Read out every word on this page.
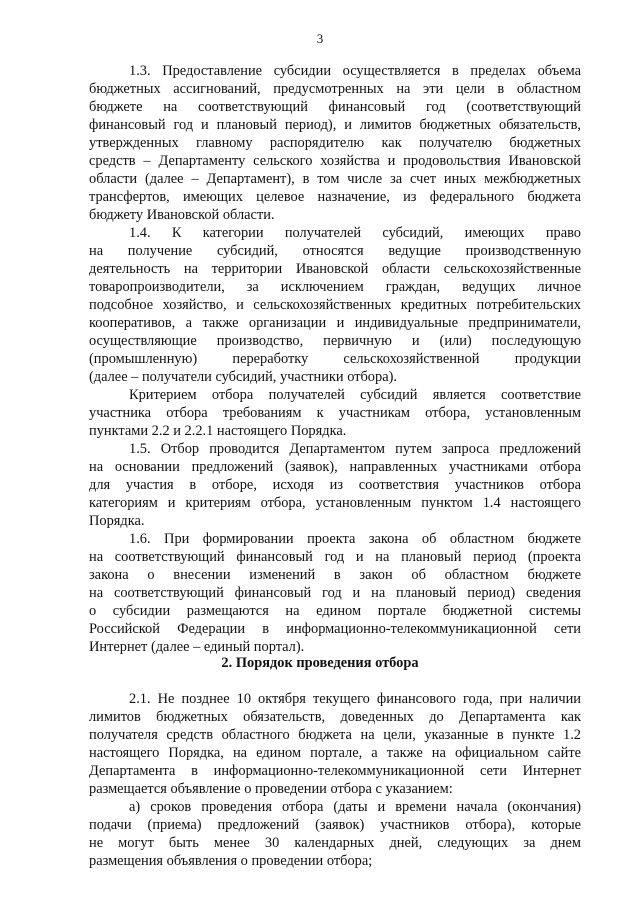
3
1.3. Предоставление субсидии осуществляется в пределах объема
бюджетных ассигнований, предусмотренных на эти цели в областном
бюджете на соответствующий финансовый год (соответствующий
финансовый год и плановый период), и лимитов бюджетных обязательств,
утвержденных главному распорядителю как получателю бюджетных
средств – Департаменту сельского хозяйства и продовольствия Ивановской
области (далее – Департамент), в том числе за счет иных межбюджетных
трансфертов, имеющих целевое назначение, из федерального бюджета
бюджету Ивановской области.
1.4. К категории получателей субсидий, имеющих право
на получение субсидий, относятся ведущие производственную
деятельность на территории Ивановской области сельскохозяйственные
товаропроизводители, за исключением граждан, ведущих личное
подсобное хозяйство, и сельскохозяйственных кредитных потребительских
кооперативов, а также организации и индивидуальные предприниматели,
осуществляющие производство, первичную и (или) последующую
(промышленную) переработку сельскохозяйственной продукции
(далее – получатели субсидий, участники отбора).
Критерием отбора получателей субсидий является соответствие
участника отбора требованиям к участникам отбора, установленным
пунктами 2.2 и 2.2.1 настоящего Порядка.
1.5. Отбор проводится Департаментом путем запроса предложений
на основании предложений (заявок), направленных участниками отбора
для участия в отборе, исходя из соответствия участников отбора
категориям и критериям отбора, установленным пунктом 1.4 настоящего
Порядка.
1.6. При формировании проекта закона об областном бюджете
на соответствующий финансовый год и на плановый период (проекта
закона о внесении изменений в закон об областном бюджете
на соответствующий финансовый год и на плановый период) сведения
о субсидии размещаются на едином портале бюджетной системы
Российской Федерации в информационно-телекоммуникационной сети
Интернет (далее – единый портал).
2. Порядок проведения отбора
2.1. Не позднее 10 октября текущего финансового года, при наличии
лимитов бюджетных обязательств, доведенных до Департамента как
получателя средств областного бюджета на цели, указанные в пункте 1.2
настоящего Порядка, на едином портале, а также на официальном сайте
Департамента в информационно-телекоммуникационной сети Интернет
размещается объявление о проведении отбора с указанием:
а) сроков проведения отбора (даты и времени начала (окончания)
подачи (приема) предложений (заявок) участников отбора), которые
не могут быть менее 30 календарных дней, следующих за днем
размещения объявления о проведении отбора;
